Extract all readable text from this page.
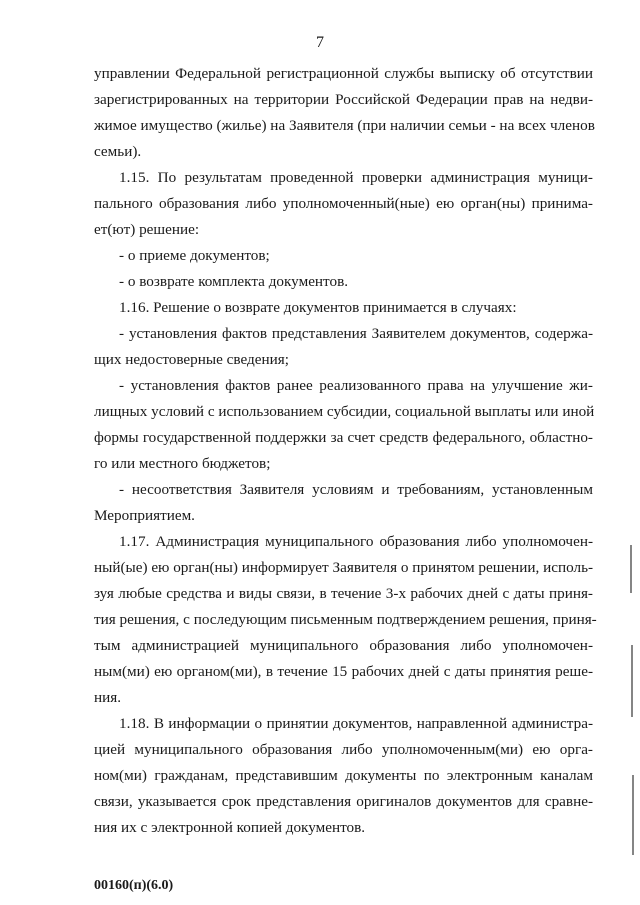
7
управлении Федеральной регистрационной службы выписку об отсутствии
зарегистрированных на территории Российской Федерации прав на недви-
жимое имущество (жилье) на Заявителя (при наличии семьи - на всех членов
семьи).
1.15. По результатам проведенной проверки администрация муници-
пального образования либо уполномоченный(ные) ею орган(ны) принима-
ет(ют) решение:
- о приеме документов;
- о возврате комплекта документов.
1.16. Решение о возврате документов принимается в случаях:
- установления фактов представления Заявителем документов, содержа-
щих недостоверные сведения;
- установления фактов ранее реализованного права на улучшение жи-
лищных условий с использованием субсидии, социальной выплаты или иной
формы государственной поддержки за счет средств федерального, областно-
го или местного бюджетов;
- несоответствия Заявителя условиям и требованиям, установленным
Мероприятием.
1.17. Администрация муниципального образования либо уполномочен-
ный(ые) ею орган(ны) информирует Заявителя о принятом решении, исполь-
зуя любые средства и виды связи, в течение 3-х рабочих дней с даты приня-
тия решения, с последующим письменным подтверждением решения, приня-
тым администрацией муниципального образования либо уполномочен-
ным(ми) ею органом(ми), в течение 15 рабочих дней с даты принятия реше-
ния.
1.18. В информации о принятии документов, направленной администра-
цией муниципального образования либо уполномоченным(ми) ею орга-
ном(ми) гражданам, представившим документы по электронным каналам
связи, указывается срок представления оригиналов документов для сравне-
ния их с электронной копией документов.
00160(п)(6.0)
